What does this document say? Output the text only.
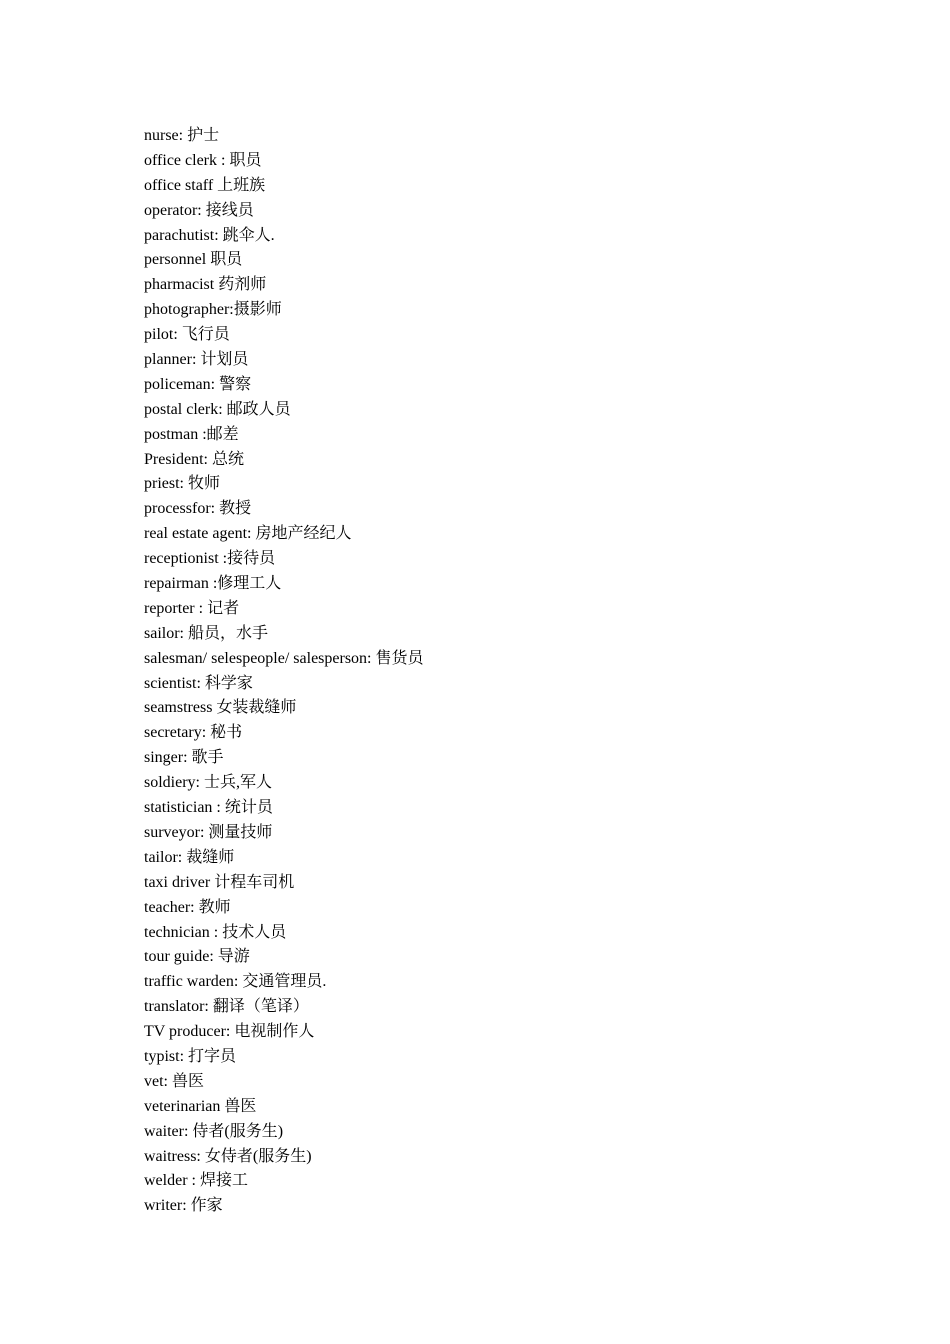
nurse: 护士
office clerk : 职员
office staff 上班族
operator: 接线员
parachutist: 跳伞人.
personnel 职员
pharmacist 药剂师
photographer:摄影师
pilot: 飞行员
planner: 计划员
policeman: 警察
postal clerk: 邮政人员
postman :邮差
President: 总统
priest: 牧师
processfor: 教授
real estate agent: 房地产经纪人
receptionist :接待员
repairman :修理工人
reporter : 记者
sailor: 船员，水手
salesman/ selespeople/ salesperson: 售货员
scientist: 科学家
seamstress 女装裁缝师
secretary: 秘书
singer: 歌手
soldiery: 士兵,军人
statistician : 统计员
surveyor: 测量技师
tailor: 裁缝师
taxi driver 计程车司机
teacher: 教师
technician : 技术人员
tour guide: 导游
traffic warden: 交通管理员.
translator: 翻译（笔译）
TV producer: 电视制作人
typist: 打字员
vet: 兽医
veterinarian 兽医
waiter: 侍者(服务生)
waitress: 女侍者(服务生)
welder : 焊接工
writer: 作家
